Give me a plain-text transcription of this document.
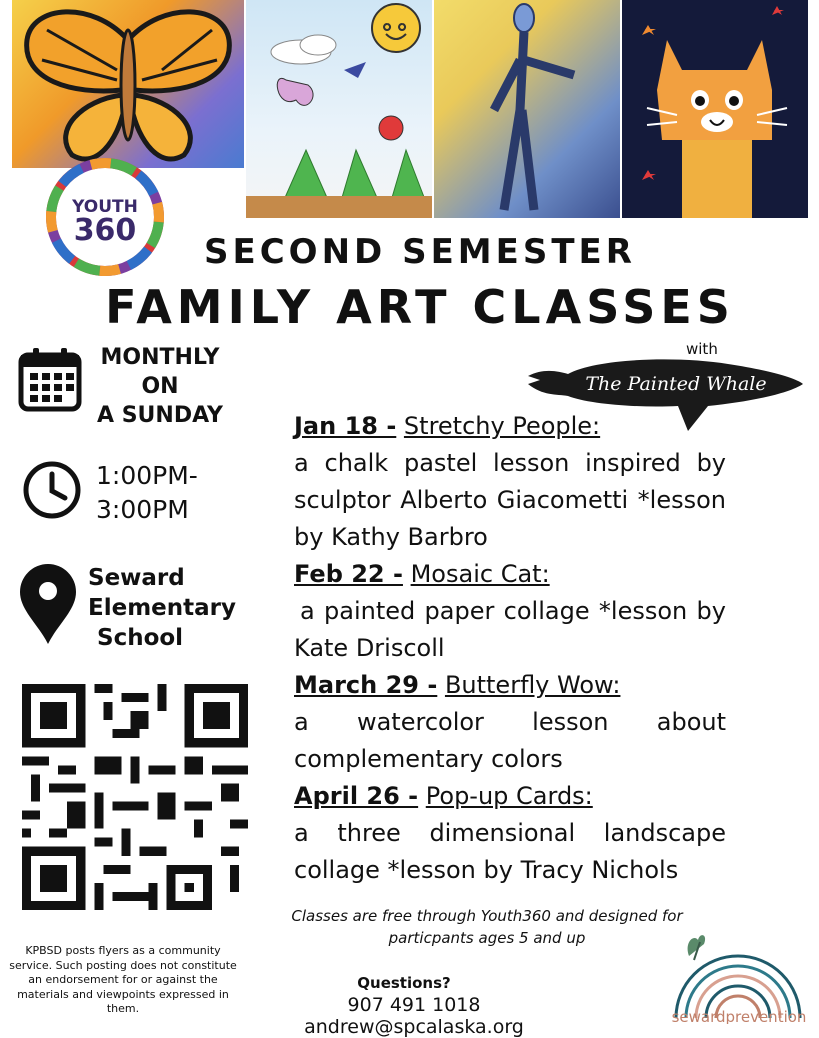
YOUTH
360
SECOND SEMESTER
FAMILY ART CLASSES
with
The Painted Whale
MONTHLY
ON
A SUNDAY
1:00PM-
3:00PM
Seward
Elementary
School
Jan 18 - Stretchy People:
a chalk pastel lesson inspired by sculptor Alberto Giacometti *lesson by Kathy Barbro
Feb 22 - Mosaic Cat:
a painted paper collage *lesson by Kate Driscoll
March 29 - Butterfly Wow:
a watercolor lesson about complementary colors
April 26 - Pop-up Cards:
a three dimensional landscape collage *lesson by Tracy Nichols
Classes are free through Youth360 and designed for particpants ages 5 and up
KPBSD posts flyers as a community service. Such posting does not constitute an endorsement for or against the materials and viewpoints expressed in them.
Questions?
907 491 1018 andrew@spcalaska.org	sewardprevention
